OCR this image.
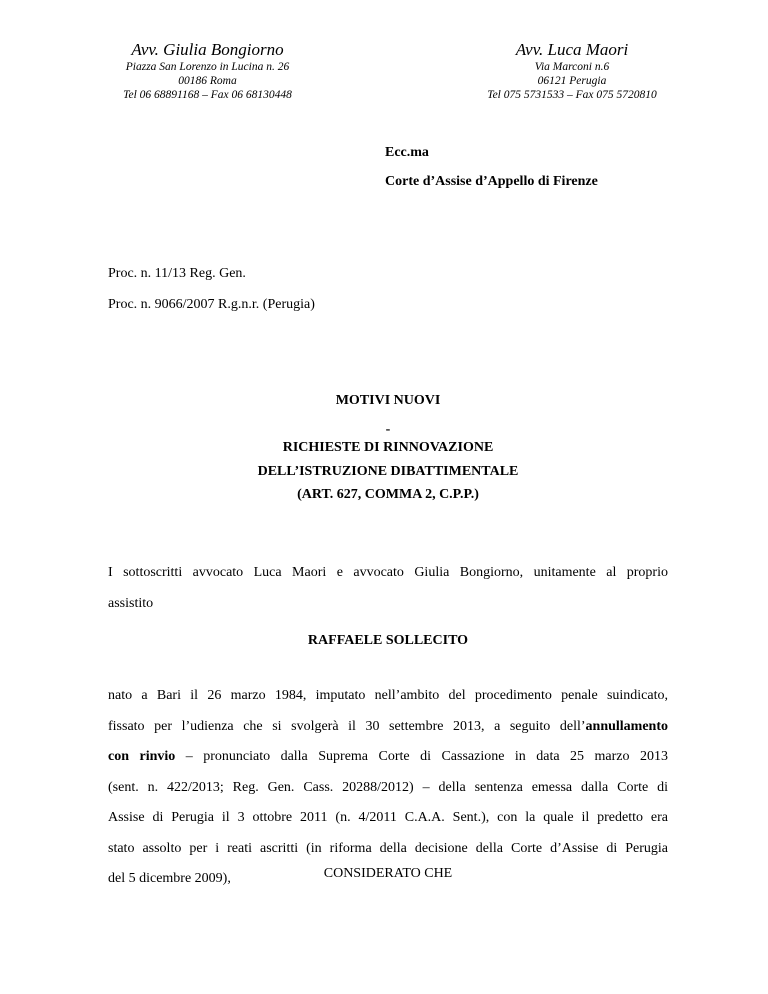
Avv. Giulia Bongiorno
Piazza San Lorenzo in Lucina n. 26
00186 Roma
Tel 06 68891168 – Fax 06 68130448
Avv. Luca Maori
Via Marconi n.6
06121 Perugia
Tel 075 5731533 – Fax 075 5720810
Ecc.ma
Corte d’Assise d’Appello di Firenze
Proc. n. 11/13 Reg. Gen.
Proc. n. 9066/2007 R.g.n.r. (Perugia)
MOTIVI NUOVI
-
RICHIESTE DI RINNOVAZIONE
DELL’ISTRUZIONE DIBATTIMENTALE
(ART. 627, COMMA 2, C.P.P.)
I sottoscritti avvocato Luca Maori e avvocato Giulia Bongiorno, unitamente al proprio
assistito
RAFFAELE SOLLECITO
nato a Bari il 26 marzo 1984, imputato nell’ambito del procedimento penale suindicato,
fissato per l’udienza che si svolgerà il 30 settembre 2013, a seguito dell’annullamento
con rinvio – pronunciato dalla Suprema Corte di Cassazione in data 25 marzo 2013
(sent. n. 422/2013; Reg. Gen. Cass. 20288/2012) – della sentenza emessa dalla Corte di
Assise di Perugia il 3 ottobre 2011 (n. 4/2011 C.A.A. Sent.), con la quale il predetto era
stato assolto per i reati ascritti (in riforma della decisione della Corte d’Assise di Perugia
del 5 dicembre 2009),	CONSIDERATO CHE
